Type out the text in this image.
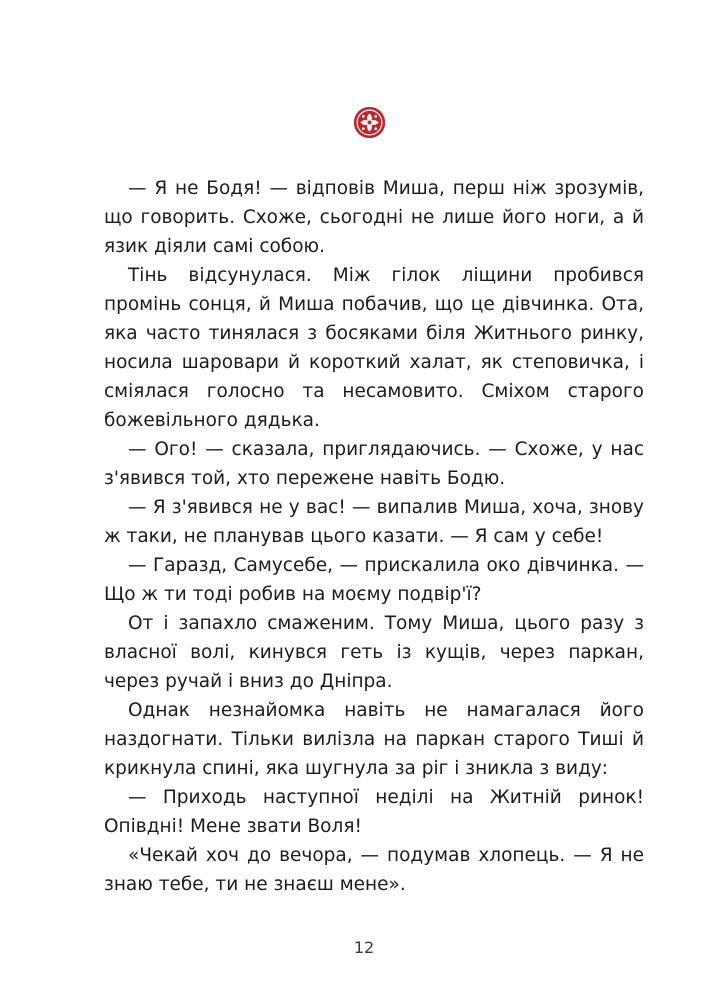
— Я не Бодя! — відповів Миша, перш ніж зрозумів, що говорить. Схоже, сьогодні не лише його ноги, а й язик діяли самі собою.

Тінь відсунулася. Між гілок ліщини пробився промінь сонця, й Миша побачив, що це дівчинка. Ота, яка часто тинялася з босяками біля Житнього ринку, носила шаровари й короткий халат, як степовичка, і сміялася голосно та несамовито. Сміхом старого божевільного дядька.

— Ого! — сказала, приглядаючись. — Схоже, у нас з'явився той, хто пережене навіть Бодю.

— Я з'явився не у вас! — випалив Миша, хоча, знову ж таки, не планував цього казати. — Я сам у себе!

— Гаразд, Самусебе, — прискалила око дівчинка. — Що ж ти тоді робив на моєму подвір'ї?

От і запахло смаженим. Тому Миша, цього разу з власної волі, кинувся геть із кущів, через паркан, через ручай і вниз до Дніпра.

Однак незнайомка навіть не намагалася його наздогнати. Тільки вилізла на паркан старого Тиші й крикнула спині, яка шугнула за ріг і зникла з виду:

— Приходь наступної неділі на Житній ринок! Опівдні! Мене звати Воля!

«Чекай хоч до вечора, — подумав хлопець. — Я не знаю тебе, ти не знаєш мене».

12
